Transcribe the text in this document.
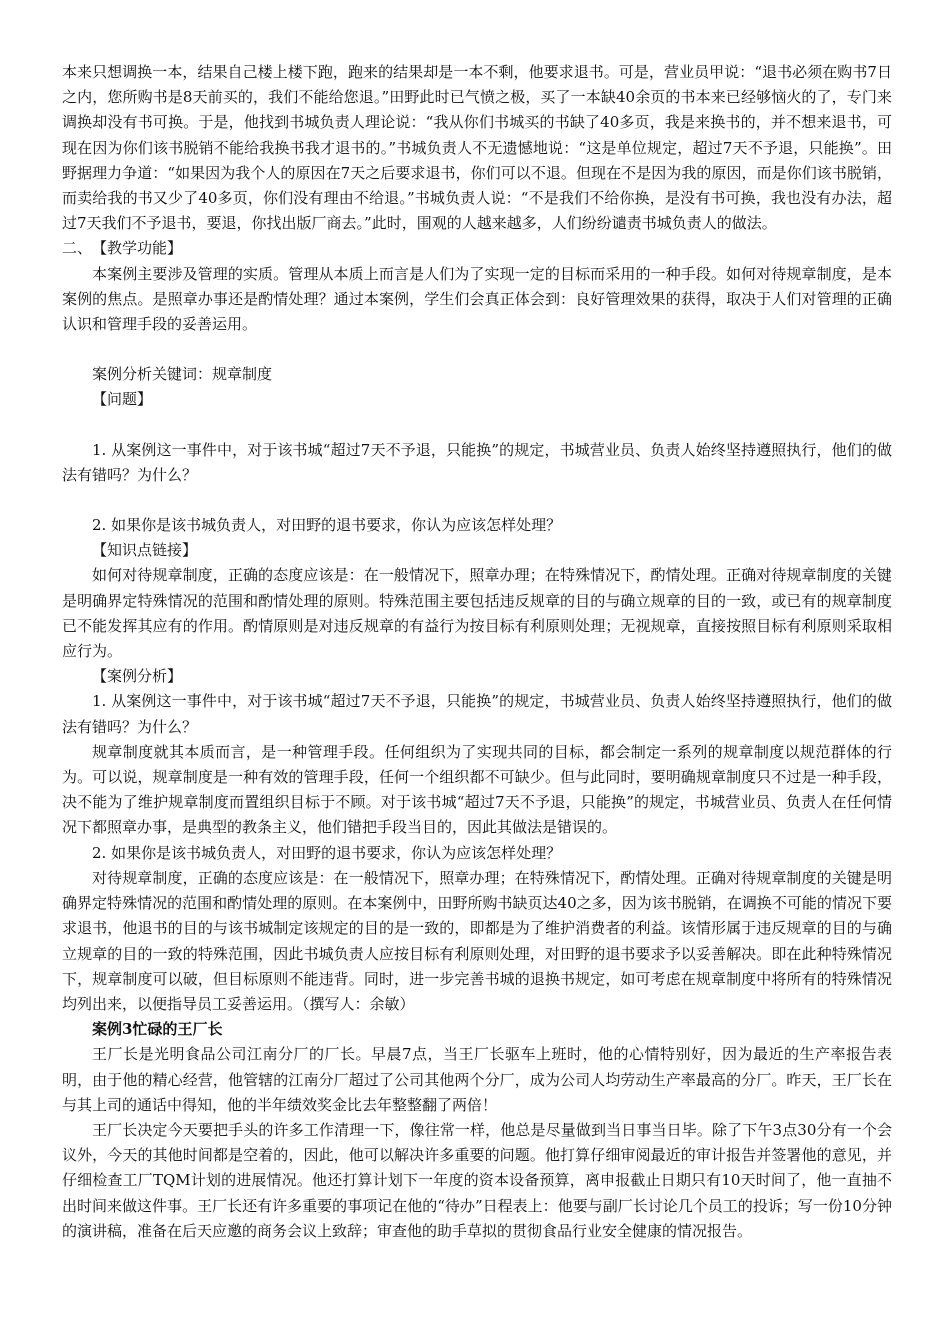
本来只想调换一本，结果自己楼上楼下跑，跑来的结果却是一本不剩，他要求退书。可是，营业员甲说：“退书必须在购书7日之内，您所购书是8天前买的，我们不能给您退。”田野此时已气愤之极，买了一本缺40余页的书本来已经够恼火的了，专门来调换却没有书可换。于是，他找到书城负责人理论说：“我从你们书城买的书缺了40多页，我是来换书的，并不想来退书，可现在因为你们该书脱销不能给我换书我才退书的。”书城负责人不无遗憾地说：“这是单位规定，超过7天不予退，只能换”。田野据理力争道：“如果因为我个人的原因在7天之后要求退书，你们可以不退。但现在不是因为我的原因，而是你们该书脱销，而卖给我的书又少了40多页，你们没有理由不给退。”书城负责人说：“不是我们不给你换，是没有书可换，我也没有办法，超过7天我们不予退书，要退，你找出版厂商去。”此时，围观的人越来越多，人们纷纷谴责书城负责人的做法。

二、　【教学功能】

本案例主要涉及管理的实质。管理从本质上而言是人们为了实现一定的目标而采用的一种手段。如何对待规章制度，是本案例的焦点。是照章办事还是酌情处理？通过本案例，学生们会真正体会到：良好管理效果的获得，取决于人们对管理的正确认识和管理手段的妥善运用。

案例分析关键词：规章制度

【问题】

1. 从案例这一事件中，对于该书城“超过7天不予退，只能换”的规定，书城营业员、负责人始终坚持遵照执行，他们的做法有错吗？为什么？

2. 如果你是该书城负责人，对田野的退书要求，你认为应该怎样处理？

【知识点链接】

如何对待规章制度，正确的态度应该是：在一般情况下，照章办理；在特殊情况下，酌情处理。正确对待规章制度的关键是明确界定特殊情况的范围和酌情处理的原则。特殊范围主要包括违反规章的目的与确立规章的目的一致，或已有的规章制度已不能发挥其应有的作用。酌情原则是对违反规章的有益行为按目标有利原则处理；无视规章，直接按照目标有利原则采取相应行为。

【案例分析】

1. 从案例这一事件中，对于该书城“超过7天不予退，只能换”的规定，书城营业员、负责人始终坚持遵照执行，他们的做法有错吗？为什么？

规章制度就其本质而言，是一种管理手段。任何组织为了实现共同的目标，都会制定一系列的规章制度以规范群体的行为。可以说，规章制度是一种有效的管理手段，任何一个组织都不可缺少。但与此同时，要明确规章制度只不过是一种手段，决不能为了维护规章制度而置组织目标于不顾。对于该书城“超过7天不予退，只能换”的规定，书城营业员、负责人在任何情况下都照章办事，是典型的教条主义，他们错把手段当目的，因此其做法是错误的。

2. 如果你是该书城负责人，对田野的退书要求，你认为应该怎样处理？

对待规章制度，正确的态度应该是：在一般情况下，照章办理；在特殊情况下，酌情处理。正确对待规章制度的关键是明确界定特殊情况的范围和酌情处理的原则。在本案例中，田野所购书缺页达40之多，因为该书脱销，在调换不可能的情况下要求退书，他退书的目的与该书城制定该规定的目的是一致的，即都是为了维护消费者的利益。该情形属于违反规章的目的与确立规章的目的一致的特殊范围，因此书城负责人应按目标有利原则处理，对田野的退书要求予以妥善解决。即在此种特殊情况下，规章制度可以破，但目标原则不能违背。同时，进一步完善书城的退换书规定，如可考虑在规章制度中将所有的特殊情况均列出来，以便指导员工妥善运用。（撰写人：余敏）

案例3忙碌的王厂长

王厂长是光明食品公司江南分厂的厂长。早晨7点，当王厂长驱车上班时，他的心情特别好，因为最近的生产率报告表明，由于他的精心经营，他管辖的江南分厂超过了公司其他两个分厂，成为公司人均劳动生产率最高的分厂。昨天，王厂长在与其上司的通话中得知，他的半年绩效奖金比去年整整翻了两倍！

王厂长决定今天要把手头的许多工作清理一下，像往常一样，他总是尽量做到当日事当日毕。除了下午3点30分有一个会议外，今天的其他时间都是空着的，因此，他可以解决许多重要的问题。他打算仔细审阅最近的审计报告并签署他的意见，并仔细检查工厂TQM计划的进展情况。他还打算计划下一年度的资本设备预算，离申报截止日期只有10天时间了，他一直抽不出时间来做这件事。王厂长还有许多重要的事项记在他的“待办”日程表上：他要与副厂长讨论几个员工的投诉；写一份10分钟的演讲稿，准备在后天应邀的商务会议上致辞；审查他的助手草拟的贯彻食品行业安全健康的情况报告。
